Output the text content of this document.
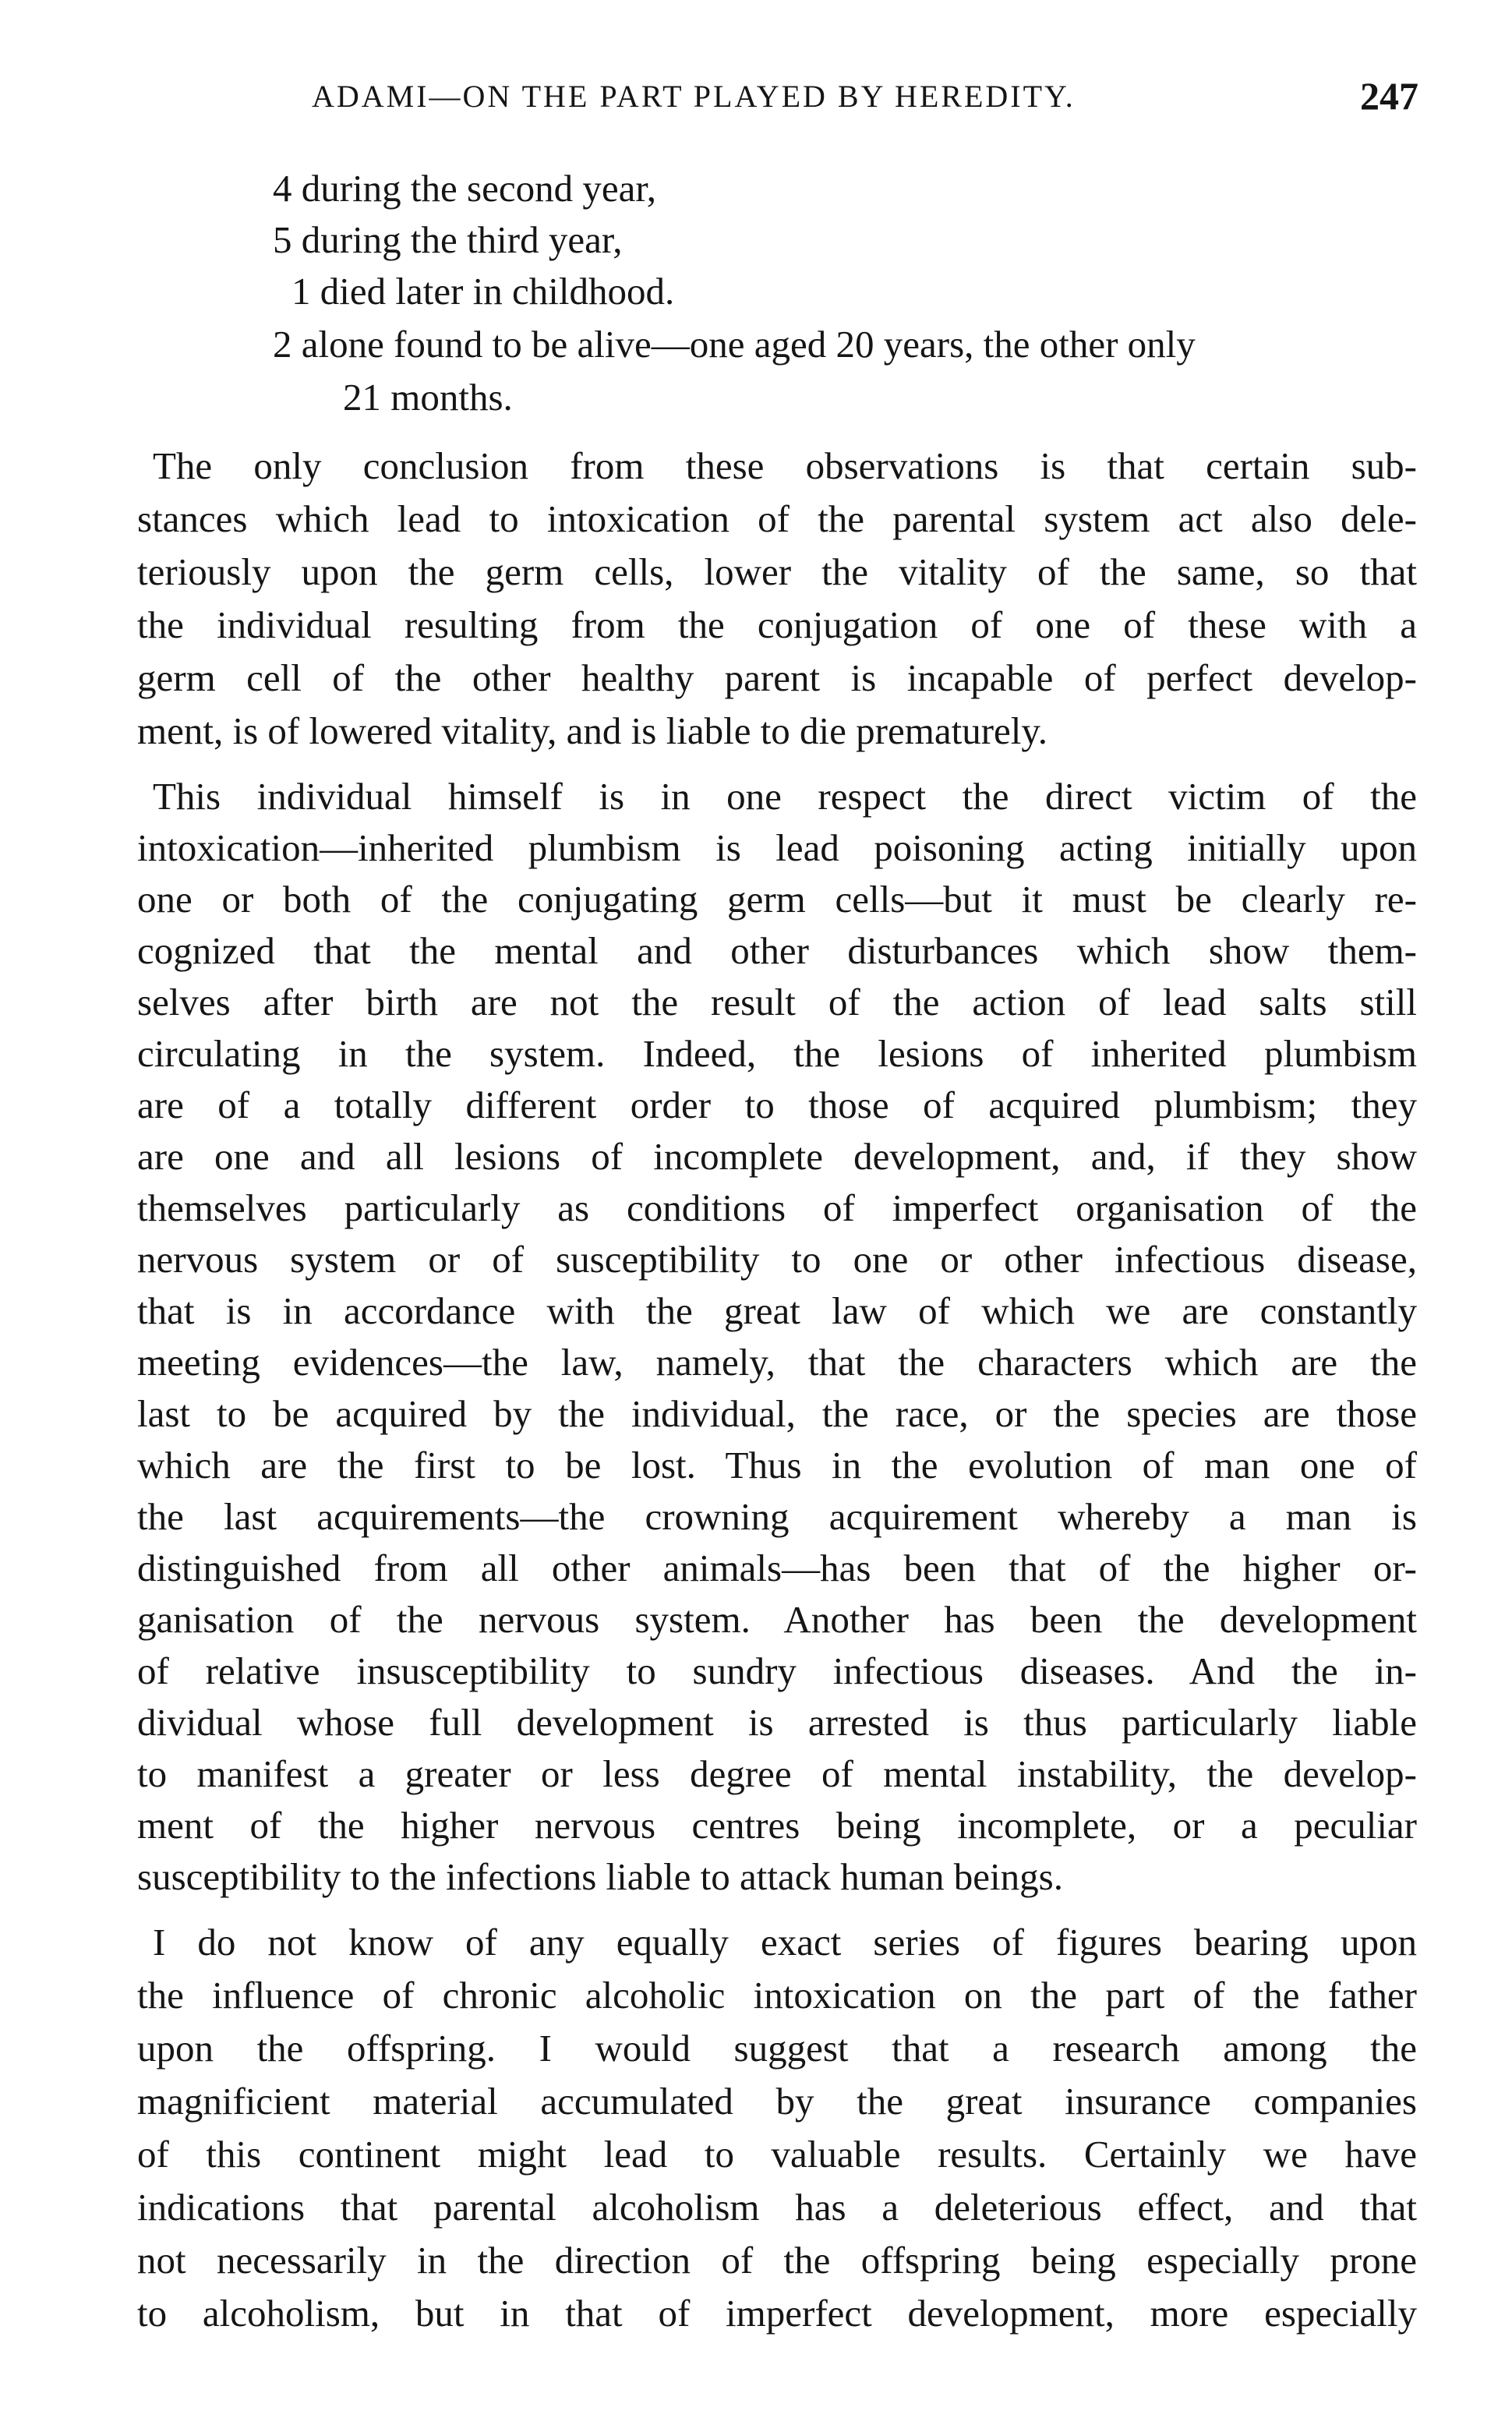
ADAMI—ON THE PART PLAYED BY HEREDITY.	247
4 during the second year,
5 during the third year,
1 died later in childhood.
2 alone found to be alive—one aged 20 years, the other only
21 months.
The only conclusion from these observations is that certain sub-
stances which lead to intoxication of the parental system act also dele-
teriously upon the germ cells, lower the vitality of the same, so that
the individual resulting from the conjugation of one of these with a
germ cell of the other healthy parent is incapable of perfect develop-
ment, is of lowered vitality, and is liable to die prematurely.
This individual himself is in one respect the direct victim of the
intoxication—inherited plumbism is lead poisoning acting initially upon
one or both of the conjugating germ cells—but it must be clearly re-
cognized that the mental and other disturbances which show them-
selves after birth are not the result of the action of lead salts still
circulating in the system. Indeed, the lesions of inherited plumbism
are of a totally different order to those of acquired plumbism; they
are one and all lesions of incomplete development, and, if they show
themselves particularly as conditions of imperfect organisation of the
nervous system or of susceptibility to one or other infectious disease,
that is in accordance with the great law of which we are constantly
meeting evidences—the law, namely, that the characters which are the
last to be acquired by the individual, the race, or the species are those
which are the first to be lost. Thus in the evolution of man one of
the last acquirements—the crowning acquirement whereby a man is
distinguished from all other animals—has been that of the higher or-
ganisation of the nervous system. Another has been the development
of relative insusceptibility to sundry infectious diseases. And the in-
dividual whose full development is arrested is thus particularly liable
to manifest a greater or less degree of mental instability, the develop-
ment of the higher nervous centres being incomplete, or a peculiar
susceptibility to the infections liable to attack human beings.
I do not know of any equally exact series of figures bearing upon
the influence of chronic alcoholic intoxication on the part of the father
upon the offspring. I would suggest that a research among the
magnificient material accumulated by the great insurance companies
of this continent might lead to valuable results. Certainly we have
indications that parental alcoholism has a deleterious effect, and that
not necessarily in the direction of the offspring being especially prone
to alcoholism, but in that of imperfect development, more especially
